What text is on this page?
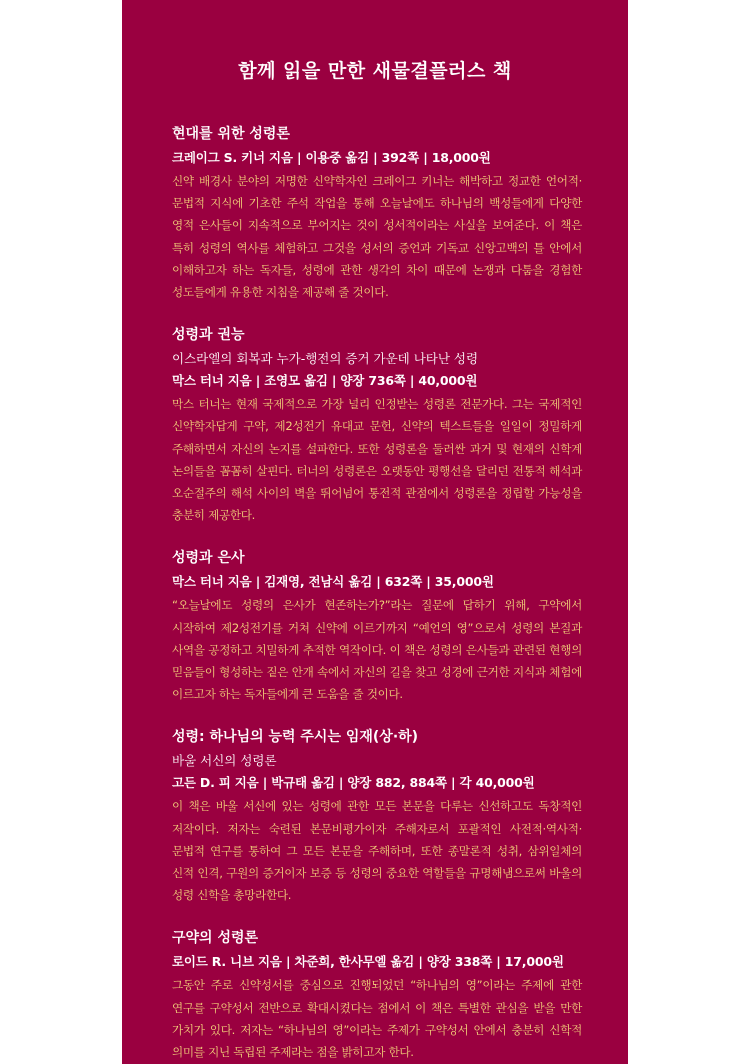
함께 읽을 만한 새물결플러스 책
현대를 위한 성령론
크레이그 S. 키너 지음 | 이용중 옮김 | 392쪽 | 18,000원
신약 배경사 분야의 저명한 신약학자인 크레이그 키너는 해박하고 정교한 언어적·문법적 지식에 기초한 주석 작업을 통해 오늘날에도 하나님의 백성들에게 다양한 영적 은사들이 지속적으로 부어지는 것이 성서적이라는 사실을 보여준다. 이 책은 특히 성령의 역사를 체험하고 그것을 성서의 증언과 기독교 신앙고백의 틀 안에서 이해하고자 하는 독자들, 성령에 관한 생각의 차이 때문에 논쟁과 다툼을 경험한 성도들에게 유용한 지침을 제공해 줄 것이다.
성령과 권능
이스라엘의 회복과 누가-행전의 증거 가운데 나타난 성령
막스 터너 지음 | 조영모 옮김 | 양장 736쪽 | 40,000원
막스 터너는 현재 국제적으로 가장 널리 인정받는 성령론 전문가다. 그는 국제적인 신약학자답게 구약, 제2성전기 유대교 문헌, 신약의 텍스트들을 일일이 정밀하게 주해하면서 자신의 논지를 설파한다. 또한 성령론을 둘러싼 과거 및 현재의 신학계 논의들을 꼼꼼히 살핀다. 터너의 성령론은 오랫동안 평행선을 달리던 전통적 해석과 오순절주의 해석 사이의 벽을 뛰어넘어 통전적 관점에서 성령론을 정립할 가능성을 충분히 제공한다.
성령과 은사
막스 터너 지음 | 김재영, 전남식 옮김 | 632쪽 | 35,000원
“오늘날에도 성령의 은사가 현존하는가?”라는 질문에 답하기 위해, 구약에서 시작하여 제2성전기를 거쳐 신약에 이르기까지 “예언의 영”으로서 성령의 본질과 사역을 공정하고 치밀하게 추적한 역작이다. 이 책은 성령의 은사들과 관련된 현행의 믿음들이 형성하는 짙은 안개 속에서 자신의 길을 찾고 성경에 근거한 지식과 체험에 이르고자 하는 독자들에게 큰 도움을 줄 것이다.
성령: 하나님의 능력 주시는 임재(상·하)
바울 서신의 성령론
고든 D. 피 지음 | 박규태 옮김 | 양장 882, 884쪽 | 각 40,000원
이 책은 바울 서신에 있는 성령에 관한 모든 본문을 다루는 신선하고도 독창적인 저작이다. 저자는 숙련된 본문비평가이자 주해자로서 포괄적인 사전적·역사적·문법적 연구를 통하여 그 모든 본문을 주해하며, 또한 종말론적 성취, 삼위일체의 신적 인격, 구원의 증거이자 보증 등 성령의 중요한 역할들을 규명해냄으로써 바울의 성령 신학을 총망라한다.
구약의 성령론
로이드 R. 니브 지음 | 차준희, 한사무엘 옮김 | 양장 338쪽 | 17,000원
그동안 주로 신약성서를 중심으로 진행되었던 “하나님의 영”이라는 주제에 관한 연구를 구약성서 전반으로 확대시켰다는 점에서 이 책은 특별한 관심을 받을 만한 가치가 있다. 저자는 “하나님의 영”이라는 주제가 구약성서 안에서 충분히 신학적 의미를 지닌 독립된 주제라는 점을 밝히고자 한다.
